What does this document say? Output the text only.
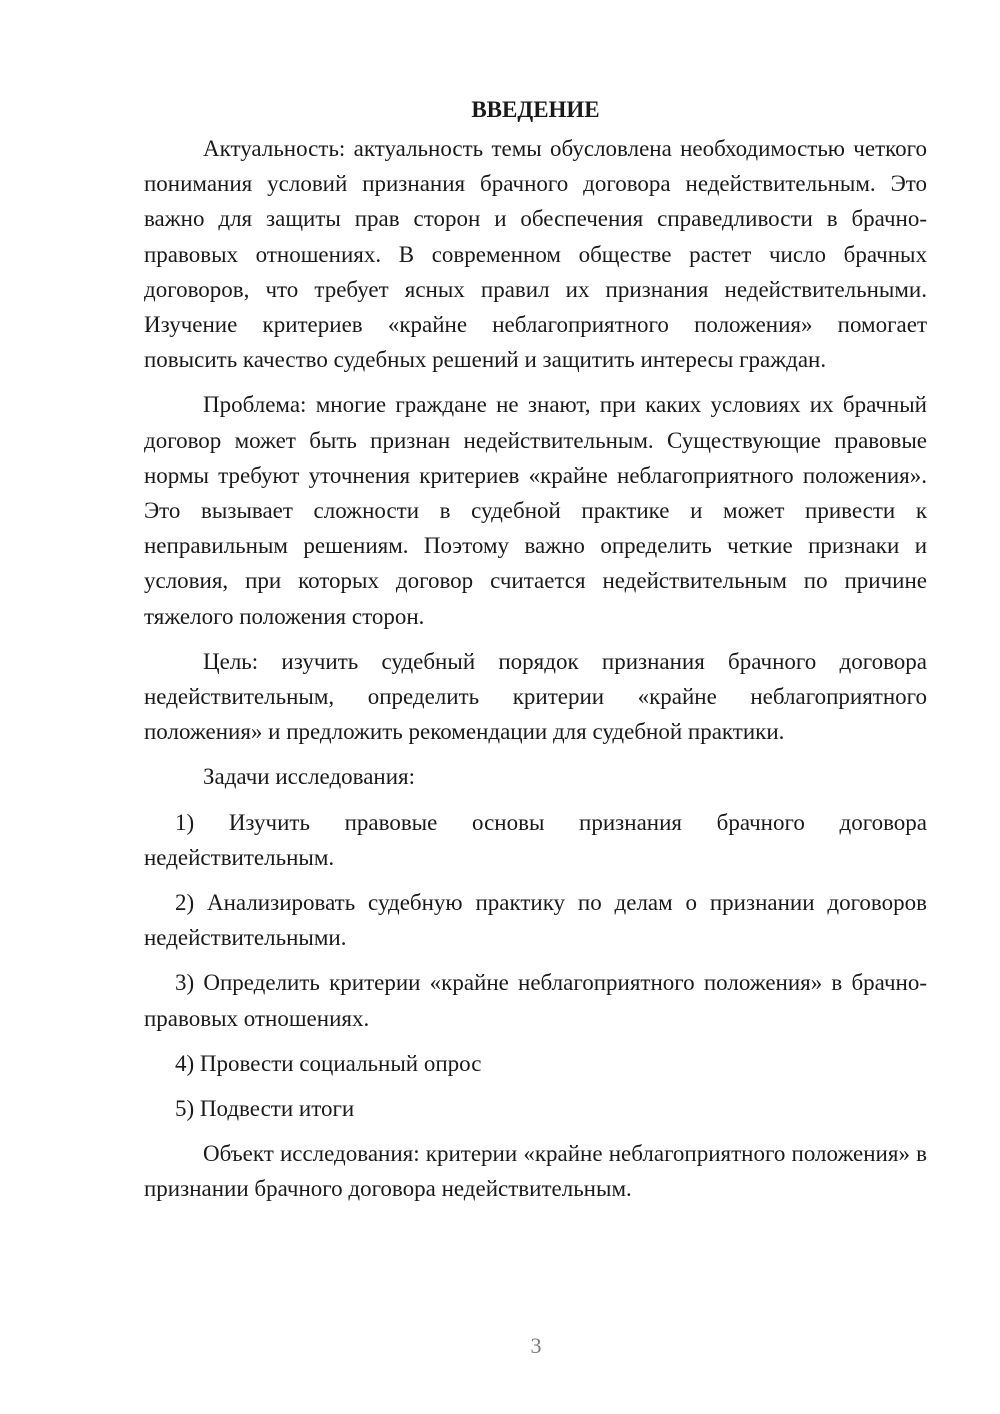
ВВЕДЕНИЕ

Актуальность: актуальность темы обусловлена необходимостью четкого понимания условий признания брачного договора недействительным. Это важно для защиты прав сторон и обеспечения справедливости в брачно-правовых отношениях. В современном обществе растет число брачных договоров, что требует ясных правил их признания недействительными. Изучение критериев «крайне неблагоприятного положения» помогает повысить качество судебных решений и защитить интересы граждан.

Проблема: многие граждане не знают, при каких условиях их брачный договор может быть признан недействительным. Существующие правовые нормы требуют уточнения критериев «крайне неблагоприятного положения». Это вызывает сложности в судебной практике и может привести к неправильным решениям. Поэтому важно определить четкие признаки и условия, при которых договор считается недействительным по причине тяжелого положения сторон.

Цель: изучить судебный порядок признания брачного договора недействительным, определить критерии «крайне неблагоприятного положения» и предложить рекомендации для судебной практики.

Задачи исследования:

1) Изучить правовые основы признания брачного договора недействительным.

2) Анализировать судебную практику по делам о признании договоров недействительными.

3) Определить критерии «крайне неблагоприятного положения» в брачно-правовых отношениях.

4) Провести социальный опрос

5) Подвести итоги

Объект исследования: критерии «крайне неблагоприятного положения» в признании брачного договора недействительным.

3
